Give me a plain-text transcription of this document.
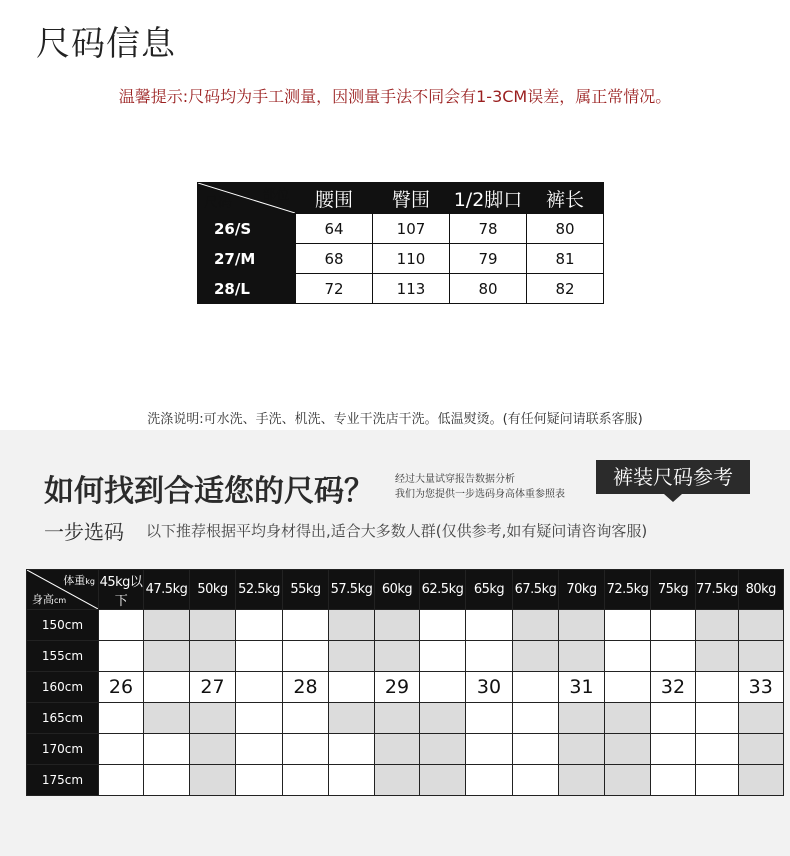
尺码信息
温馨提示:尺码均为手工测量，因测量手法不同会有1-3CM误差，属正常情况。
部位
尺码	腰围	臀围	1/2脚口	裤长
26/S	64	107	78	80
27/M	68	110	79	81
28/L	72	113	80	82
洗涤说明:可水洗、手洗、机洗、专业干洗店干洗。低温熨烫。(有任何疑问请联系客服)
如何找到合适您的尺码？ 经过大量试穿报告数据分析
我们为您提供一步选码身高体重参照表
裤装尺码参考
一步选码 以下推荐根据平均身材得出,适合大多数人群(仅供参考,如有疑问请咨询客服)
体重kg
身高cm	45kg以下	47.5kg	50kg	52.5kg	55kg	57.5kg	60kg	62.5kg	65kg	67.5kg	70kg	72.5kg	75kg	77.5kg	80kg
150cm															
155cm															
160cm	26		27		28		29		30		31		32		33
165cm															
170cm															
175cm															
